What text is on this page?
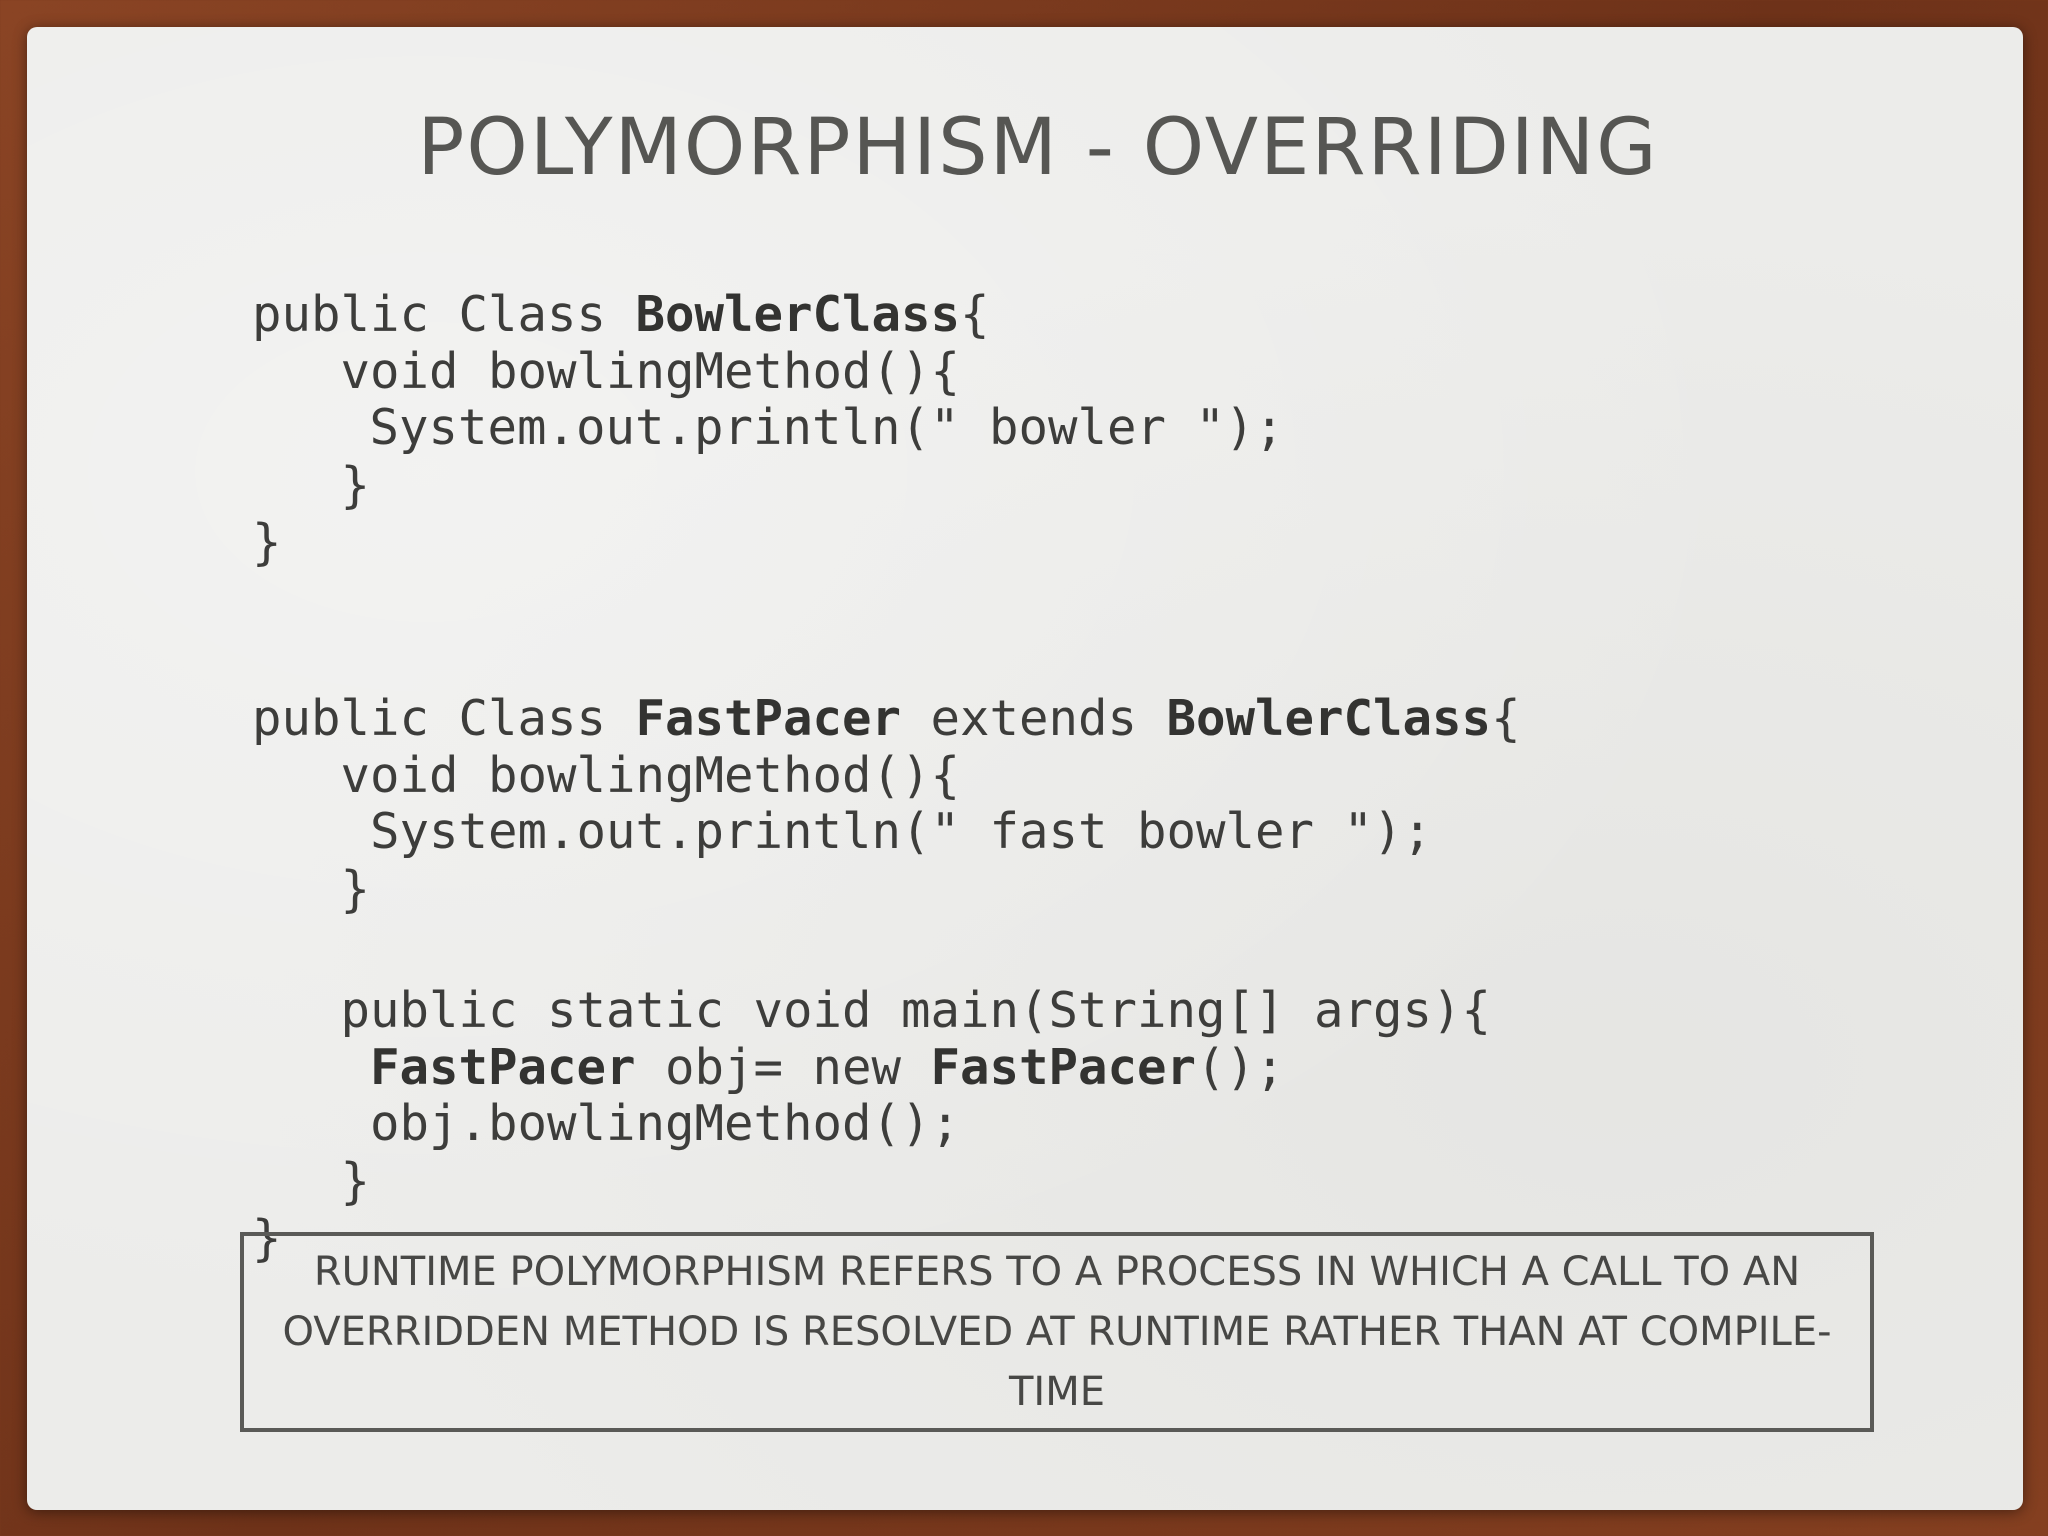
POLYMORPHISM - OVERRIDING

public Class BowlerClass{

void bowlingMethod(){

System.out.println(" bowler ");

}

}

public Class FastPacer extends BowlerClass{

void bowlingMethod(){

System.out.println(" fast bowler ");

}

public static void main(String[] args){

FastPacer obj= new FastPacer();

obj.bowlingMethod();

}

}

RUNTIME POLYMORPHISM REFERS TO A PROCESS IN WHICH A CALL TO AN OVERRIDDEN METHOD IS RESOLVED AT RUNTIME RATHER THAN AT COMPILE-TIME
